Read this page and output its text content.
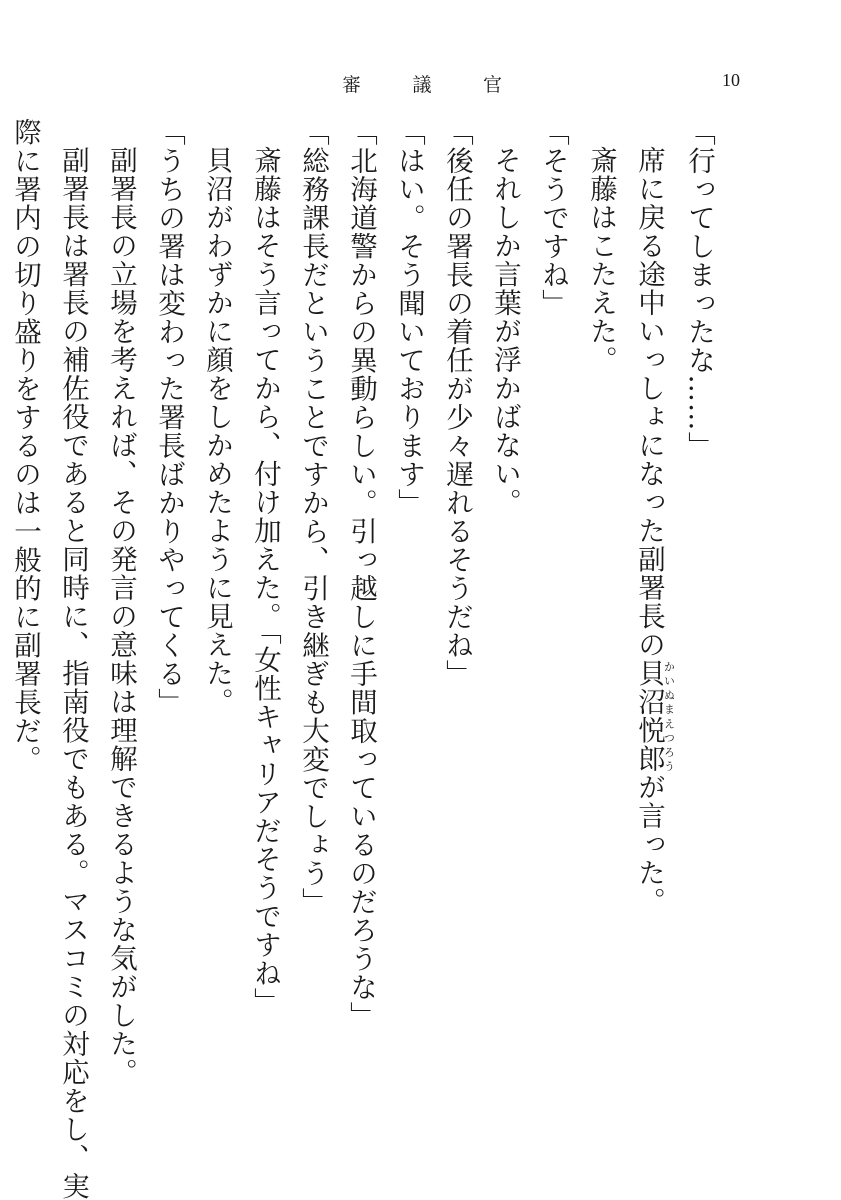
審	議	官	10
「行ってしまったな……」
席に戻る途中いっしょになった副署長の貝沼悦郎かいぬまえつろうが言った。
斎藤はこたえた。
「そうですね」
それしか言葉が浮かばない。
「後任の署長の着任が少々遅れるそうだね」
「はい。そう聞いております」
「北海道警からの異動らしい。引っ越しに手間取っているのだろうな」
「総務課長だということですから、引き継ぎも大変でしょう」
斎藤はそう言ってから、付け加えた。「女性キャリアだそうですね」
貝沼がわずかに顔をしかめたように見えた。
「うちの署は変わった署長ばかりやってくる」
副署長の立場を考えれば、その発言の意味は理解できるような気がした。
副署長は署長の補佐役であると同時に、指南役でもある。マスコミの対応をし、実
際に署内の切り盛りをするのは一般的に副署長だ。
